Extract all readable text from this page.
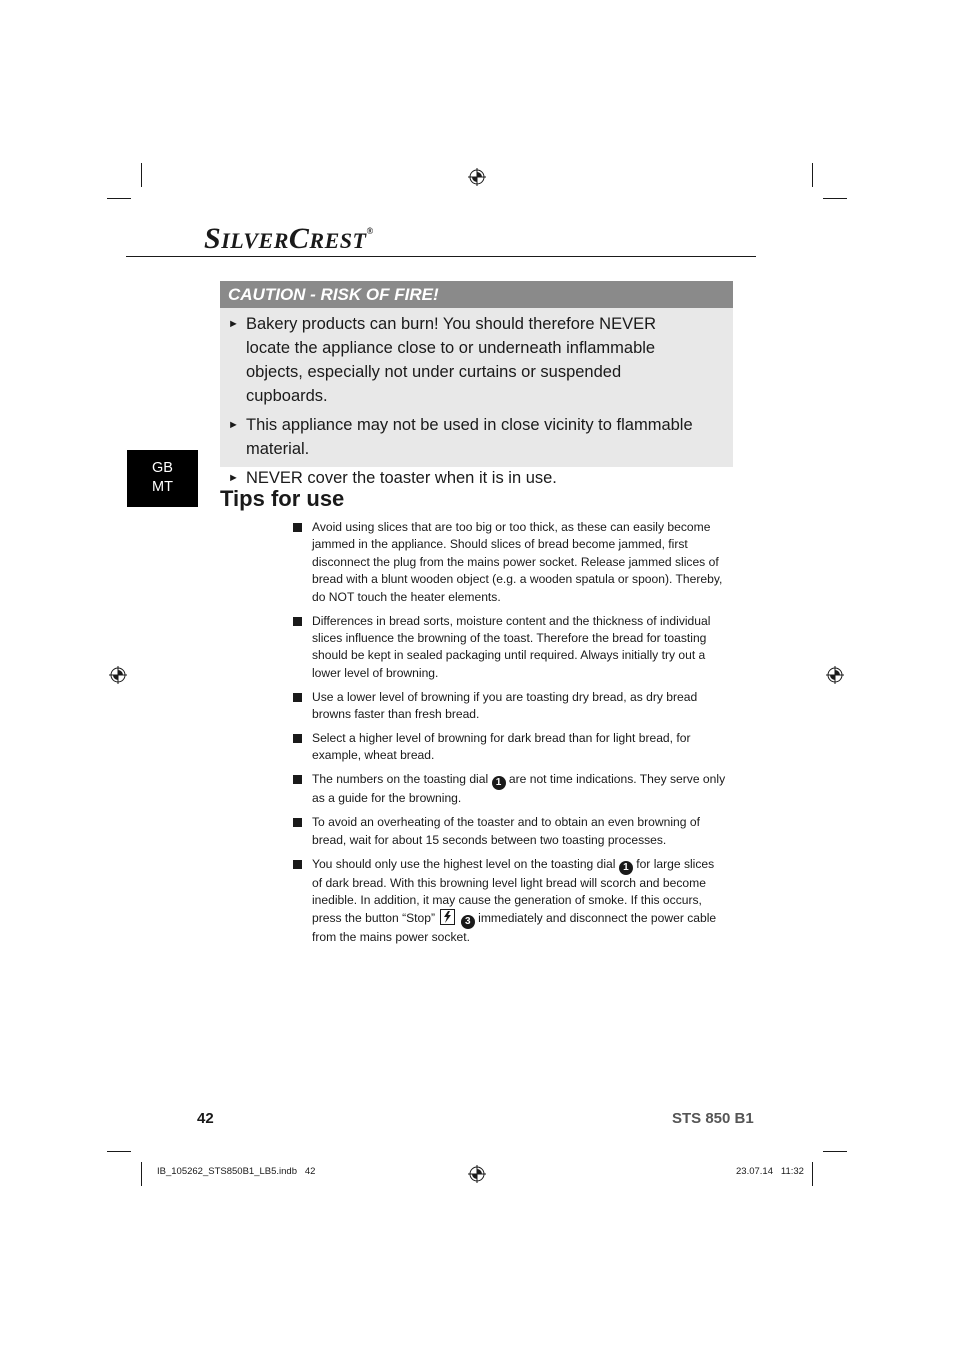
SILVERCREST®
CAUTION - RISK OF FIRE!
► Bakery products can burn! You should therefore NEVER locate the appliance close to or underneath inflammable objects, especially not under curtains or suspended cupboards.
► This appliance may not be used in close vicinity to flammable material.
► NEVER cover the toaster when it is in use.
GB
MT	Tips for use
Avoid using slices that are too big or too thick, as these can easily become jammed in the appliance. Should slices of bread become jammed, first disconnect the plug from the mains power socket. Release jammed slices of bread with a blunt wooden object (e.g. a wooden spatula or spoon). Thereby, do NOT touch the heater elements.
Differences in bread sorts, moisture content and the thickness of individual slices influence the browning of the toast. Therefore the bread for toasting should be kept in sealed packaging until required. Always initially try out a lower level of browning.
Use a lower level of browning if you are toasting dry bread, as dry bread browns faster than fresh bread.
Select a higher level of browning for dark bread than for light bread, for example, wheat bread.
The numbers on the toasting dial 1 are not time indications. They serve only as a guide for the browning.
To avoid an overheating of the toaster and to obtain an even browning of bread, wait for about 15 seconds between two toasting processes.
You should only use the highest level on the toasting dial 1 for large slices of dark bread. With this browning level light bread will scorch and become inedible. In addition, it may cause the generation of smoke. If this occurs, press the button “Stop”	3 immediately and disconnect the power cable from the mains power socket.
42	STS 850 B1
IB_105262_STS850B1_LB5.indb   42	23.07.14   11:32
